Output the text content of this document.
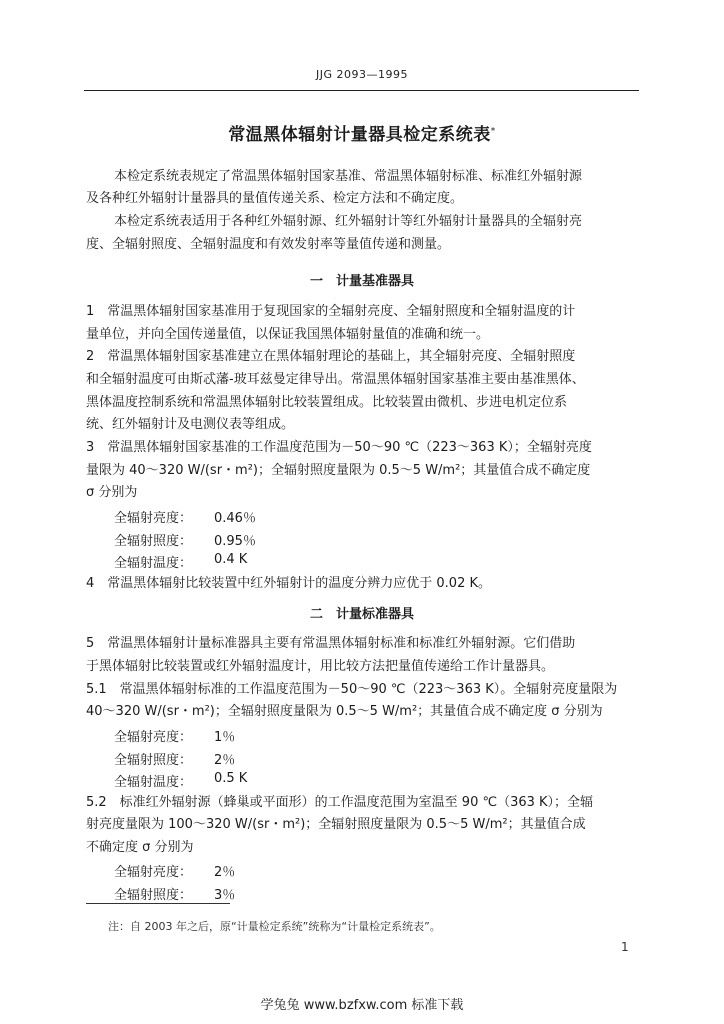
JJG 2093—1995
常温黑体辐射计量器具检定系统表*
本检定系统表规定了常温黑体辐射国家基准、常温黑体辐射标准、标准红外辐射源
及各种红外辐射计量器具的量值传递关系、检定方法和不确定度。
本检定系统表适用于各种红外辐射源、红外辐射计等红外辐射计量器具的全辐射亮
度、全辐射照度、全辐射温度和有效发射率等量值传递和测量。
一　计量基准器具
1　常温黑体辐射国家基准用于复现国家的全辐射亮度、全辐射照度和全辐射温度的计
量单位，并向全国传递量值，以保证我国黑体辐射量值的准确和统一。
2　常温黑体辐射国家基准建立在黑体辐射理论的基础上，其全辐射亮度、全辐射照度
和全辐射温度可由斯忒藩-玻耳兹曼定律导出。常温黑体辐射国家基准主要由基准黑体、
黑体温度控制系统和常温黑体辐射比较装置组成。比较装置由微机、步进电机定位系
统、红外辐射计及电测仪表等组成。
3　常温黑体辐射国家基准的工作温度范围为－50～90 ℃（223～363 K）；全辐射亮度
量限为 40～320 W/(sr・m²)；全辐射照度量限为 0.5～5 W/m²；其量值合成不确定度
σ 分别为
全辐射亮度： 0.46％
全辐射照度： 0.95％
全辐射温度： 0.4 K
4　常温黑体辐射比较装置中红外辐射计的温度分辨力应优于 0.02 K。
二　计量标准器具
5　常温黑体辐射计量标准器具主要有常温黑体辐射标准和标准红外辐射源。它们借助
于黑体辐射比较装置或红外辐射温度计，用比较方法把量值传递给工作计量器具。
5.1　常温黑体辐射标准的工作温度范围为－50～90 ℃（223～363 K）。全辐射亮度量限为
40～320 W/(sr・m²)；全辐射照度量限为 0.5～5 W/m²；其量值合成不确定度 σ 分别为
全辐射亮度： 1％
全辐射照度： 2％
全辐射温度： 0.5 K
5.2　标准红外辐射源（蜂巢或平面形）的工作温度范围为室温至 90 ℃（363 K）；全辐
射亮度量限为 100～320 W/(sr・m²)；全辐射照度量限为 0.5～5 W/m²；其量值合成
不确定度 σ 分别为
全辐射亮度： 2％
全辐射照度： 3％
注：自 2003 年之后，原“计量检定系统”统称为“计量检定系统表”。
1
学兔兔 www.bzfxw.com 标准下载
